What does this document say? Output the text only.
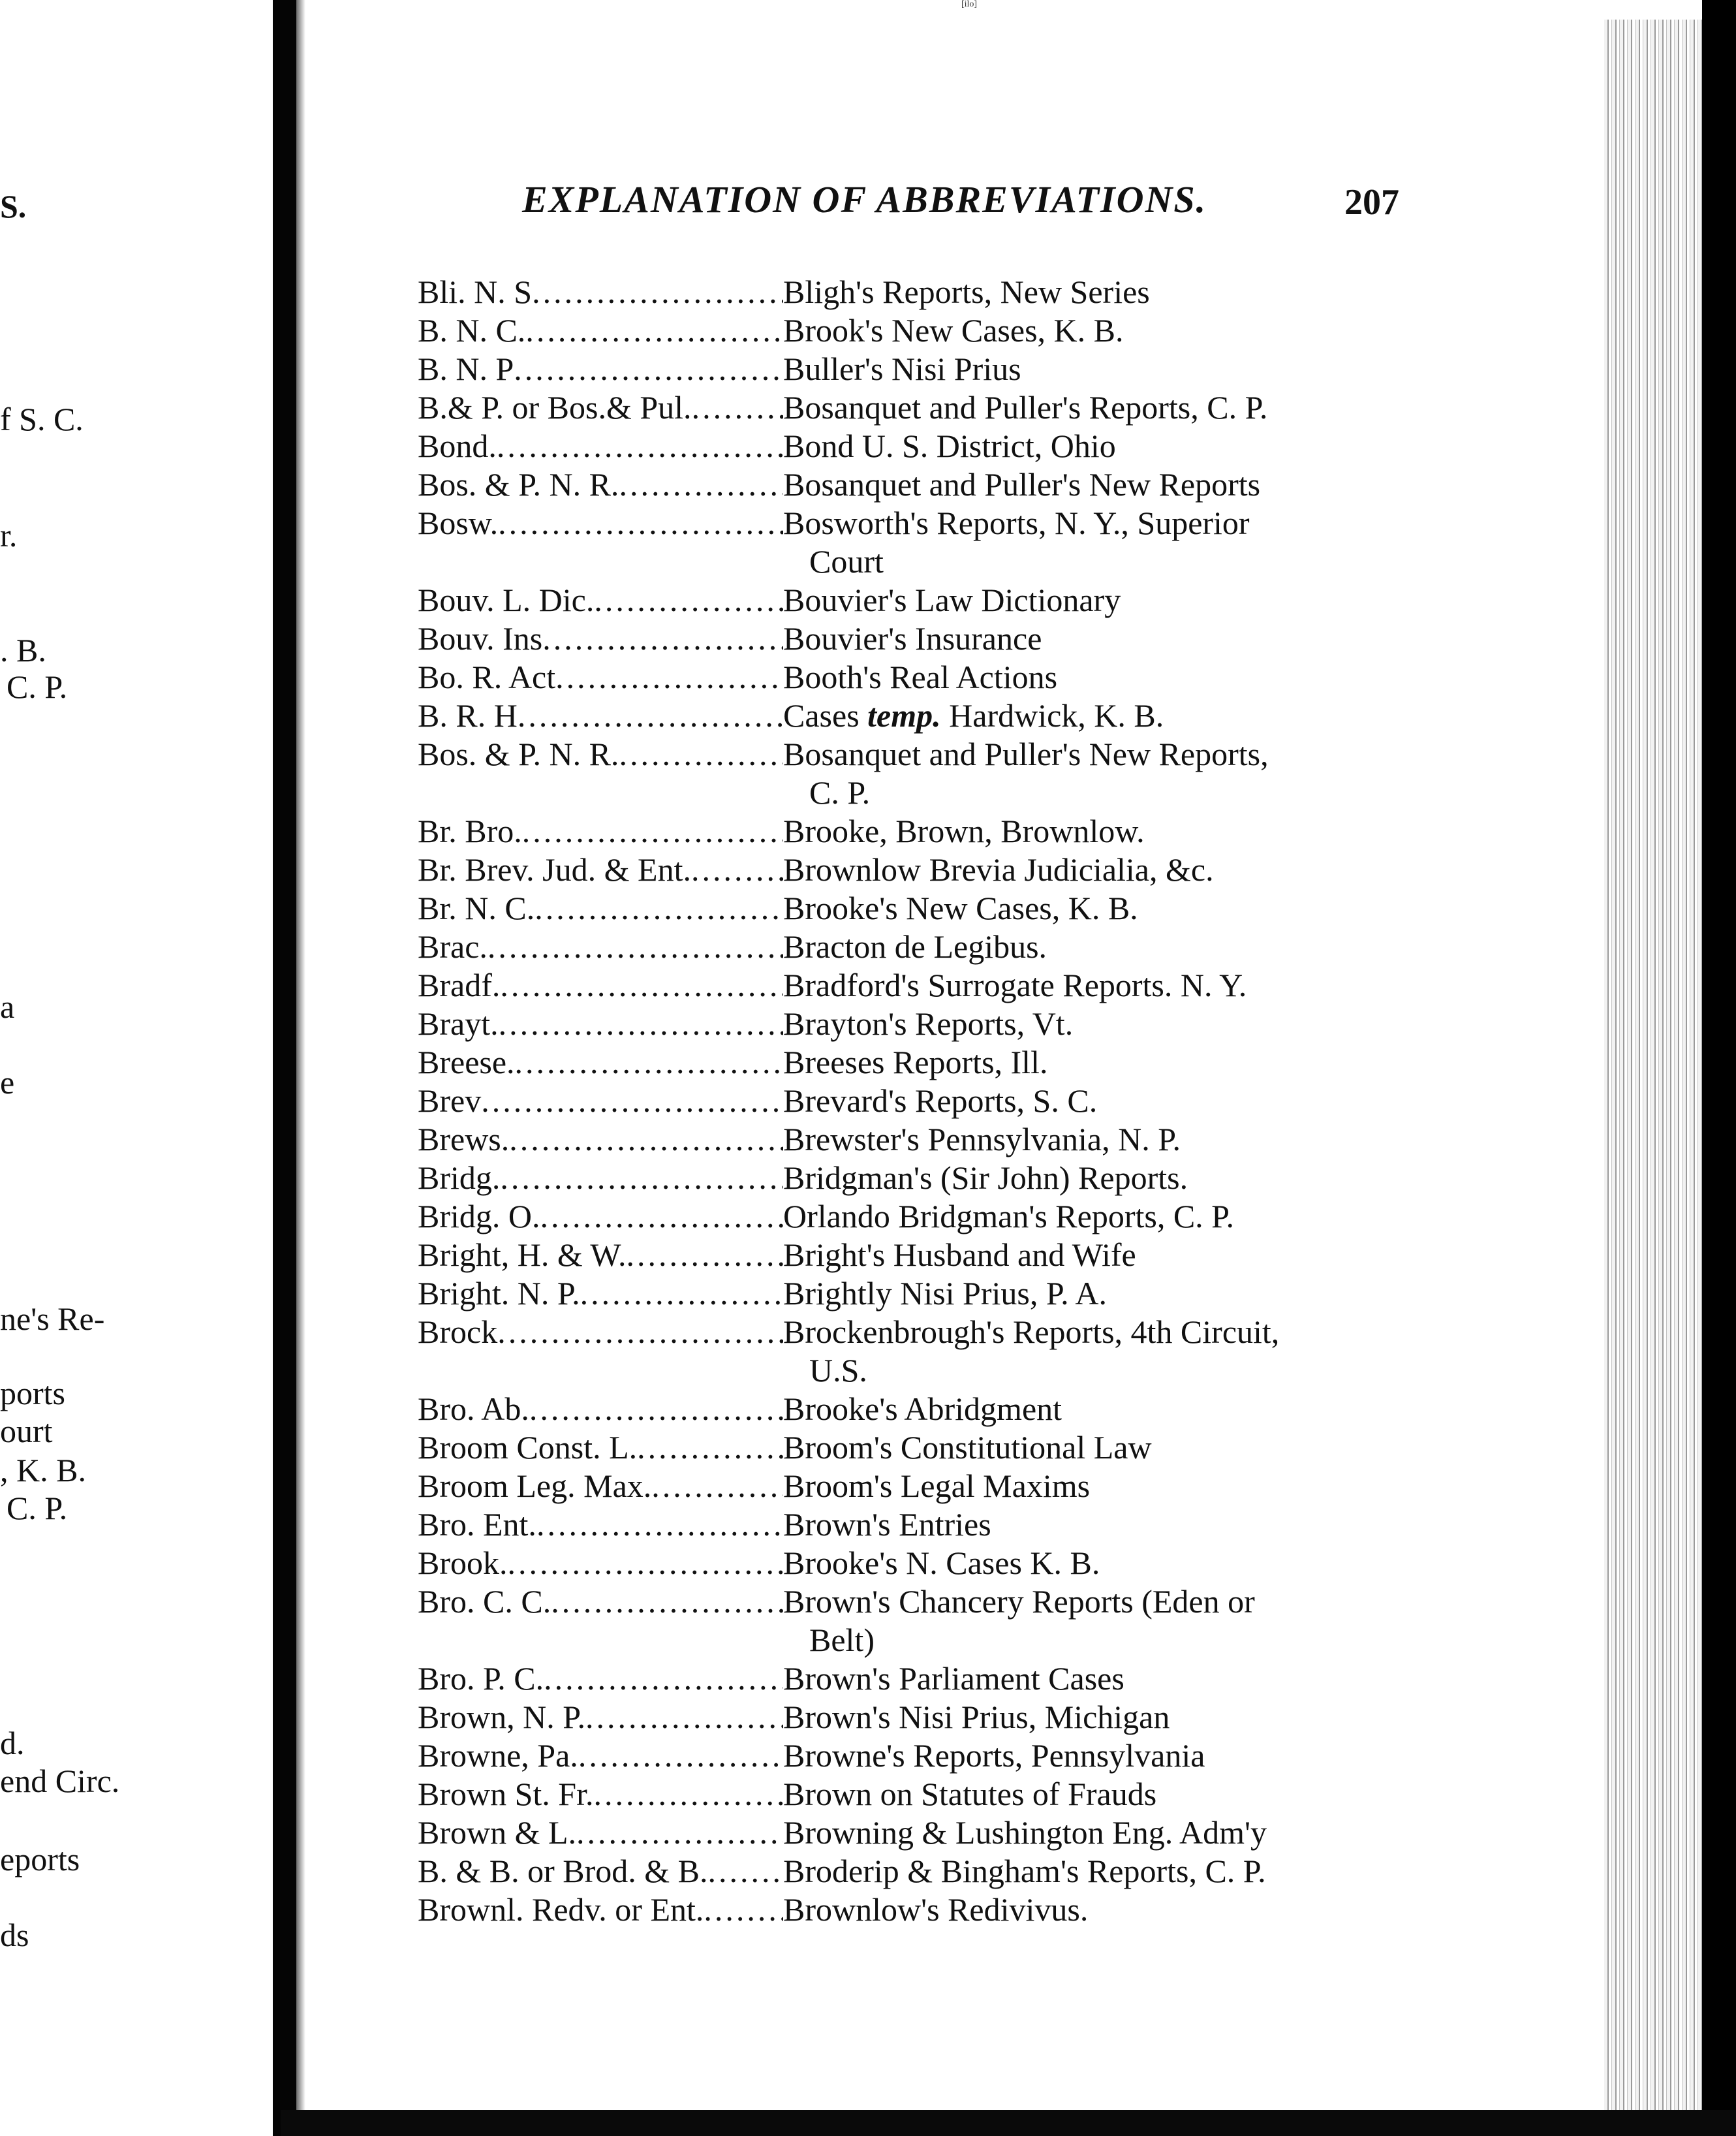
S.
f S. C.
r.
. B.
C. P.
a
e
ne's Re-
ports
ourt
, K. B.
C. P.
d.
end Circ.
eports
ds
[ilo]
EXPLANATION OF ABBREVIATIONS.	207
Bli. N. S .....	Bligh's Reports, New Series
B. N. C. .....	Brook's New Cases, K. B.
B. N. P .....	Buller's Nisi Prius
B.& P. or Bos.& Pul. .....	Bosanquet and Puller's Reports, C. P.
Bond. .....	Bond U. S. District, Ohio
Bos. & P. N. R. .....	Bosanquet and Puller's New Reports
Bosw. .....	Bosworth's Reports, N. Y., Superior
Court
Bouv. L. Dic. .....	Bouvier's Law Dictionary
Bouv. Ins .....	Bouvier's Insurance
Bo. R. Act .....	Booth's Real Actions
B. R. H .....	Cases temp. Hardwick, K. B.
Bos. & P. N. R. .....	Bosanquet and Puller's New Reports,
C. P.
Br. Bro. .....	Brooke, Brown, Brownlow.
Br. Brev. Jud. & Ent. .....	Brownlow Brevia Judicialia, &c.
Br. N. C. .....	Brooke's New Cases, K. B.
Brac. .....	Bracton de Legibus.
Bradf. .....	Bradford's Surrogate Reports. N. Y.
Brayt. .....	Brayton's Reports, Vt.
Breese. .....	Breeses Reports, Ill.
Brev .....	Brevard's Reports, S. C.
Brews. .....	Brewster's Pennsylvania, N. P.
Bridg. .....	Bridgman's (Sir John) Reports.
Bridg. O. .....	Orlando Bridgman's Reports, C. P.
Bright, H. & W. .....	Bright's Husband and Wife
Bright. N. P. .....	Brightly Nisi Prius, P. A.
Brock .....	Brockenbrough's Reports, 4th Circuit,
U.S.
Bro. Ab. .....	Brooke's Abridgment
Broom Const. L. .....	Broom's Constitutional Law
Broom Leg. Max. .....	Broom's Legal Maxims
Bro. Ent. .....	Brown's Entries
Brook. .....	Brooke's N. Cases K. B.
Bro. C. C. .....	Brown's Chancery Reports (Eden or
Belt)
Bro. P. C. .....	Brown's Parliament Cases
Brown, N. P. .....	Brown's Nisi Prius, Michigan
Browne, Pa. .....	Browne's Reports, Pennsylvania
Brown St. Fr. .....	Brown on Statutes of Frauds
Brown & L. .....	Browning & Lushington Eng. Adm'y
B. & B. or Brod. & B. ..... Broderip & Bingham's Reports, C. P.
Brownl. Redv. or Ent. ..... Brownlow's Redivivus.
